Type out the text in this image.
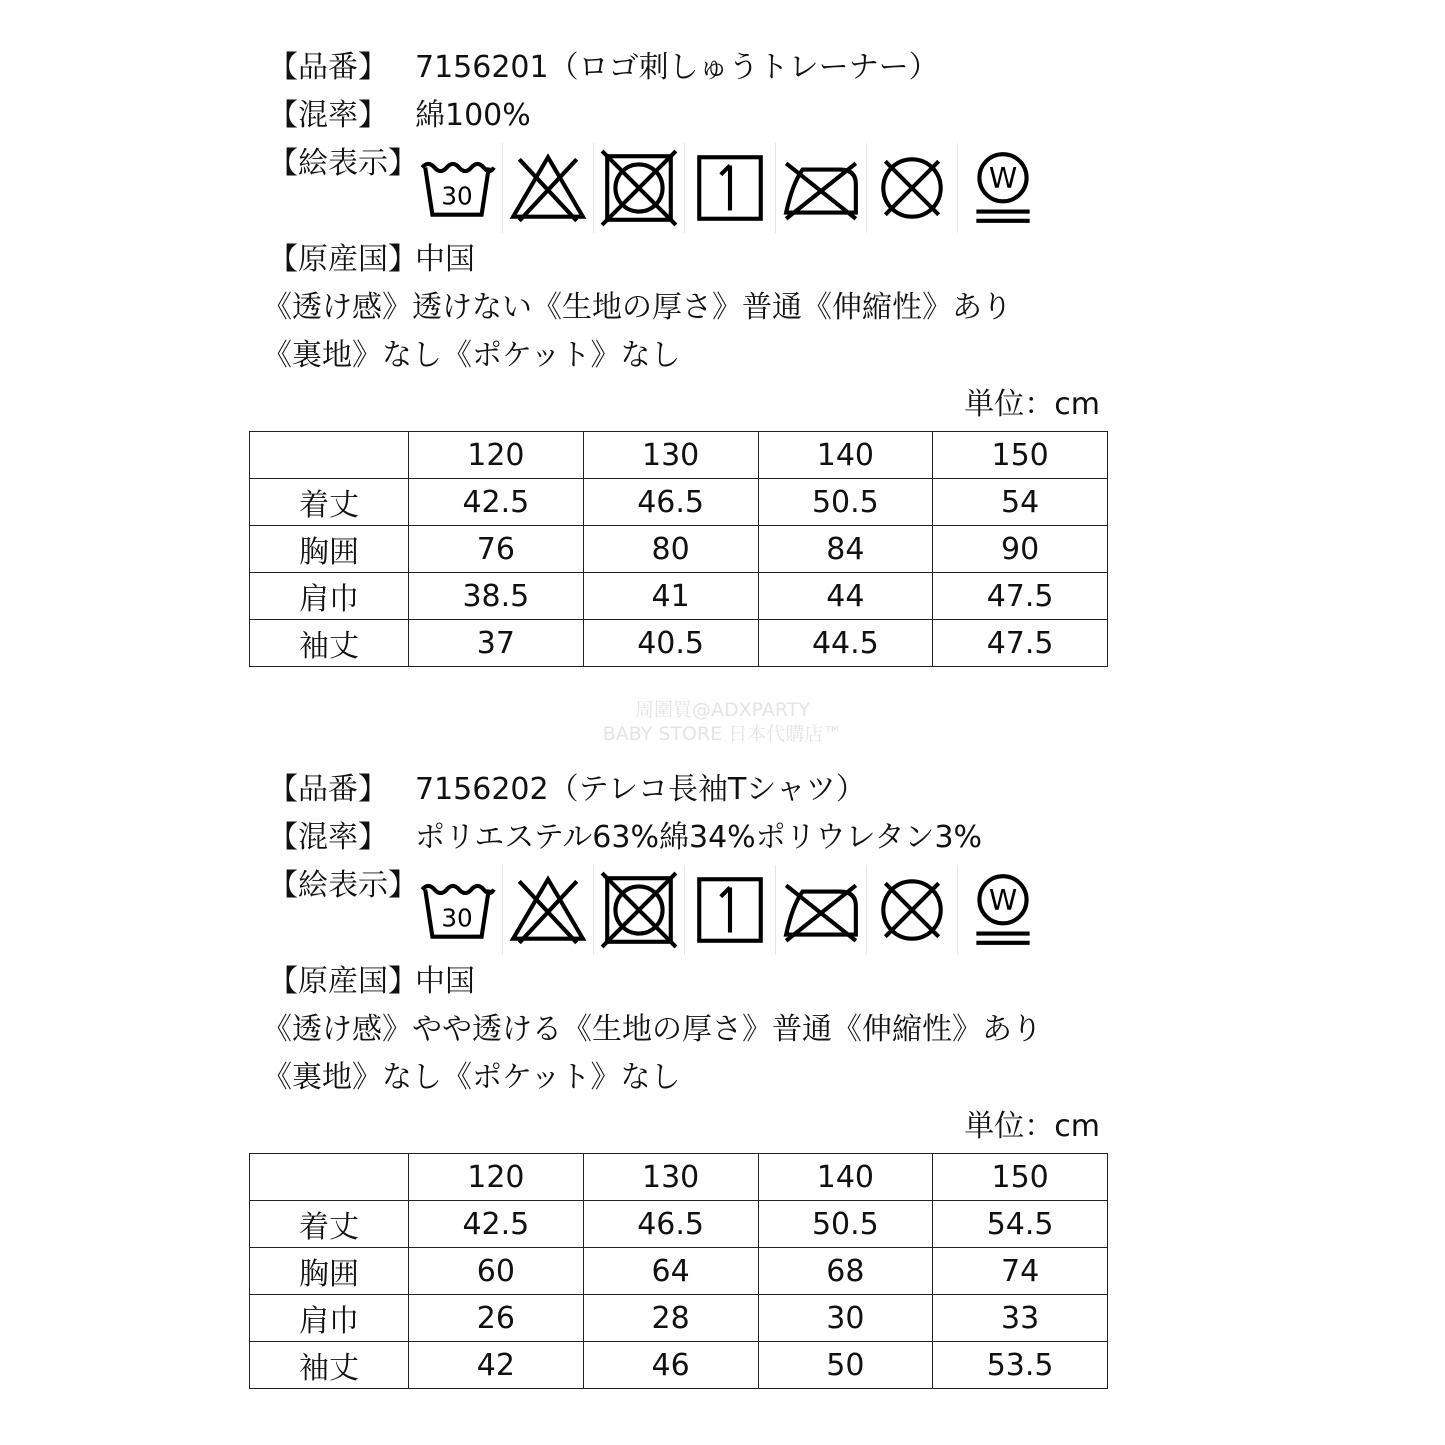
【品番】 7156201（ロゴ刺しゅうトレーナー）
【混率】 綿100%
【絵表示】
30
W
【原産国】
中国
《透け感》透けない《生地の厚さ》普通《伸縮性》あり
《裏地》なし《ポケット》なし
単位：cm
	120	130	140	150
着丈	42.5	46.5	50.5	54
胸囲	76	80	84	90
肩巾	38.5	41	44	47.5
袖丈	37	40.5	44.5	47.5
周圍買@ADXPARTY
BABY STORE 日本代購店™
【品番】 7156202（テレコ長袖Tシャツ）
【混率】 ポリエステル63%綿34%ポリウレタン3%
【絵表示】
30
W
【原産国】
中国
《透け感》やや透ける《生地の厚さ》普通《伸縮性》あり
《裏地》なし《ポケット》なし
単位：cm
	120	130	140	150
着丈	42.5	46.5	50.5	54.5
胸囲	60	64	68	74
肩巾	26	28	30	33
袖丈	42	46	50	53.5
